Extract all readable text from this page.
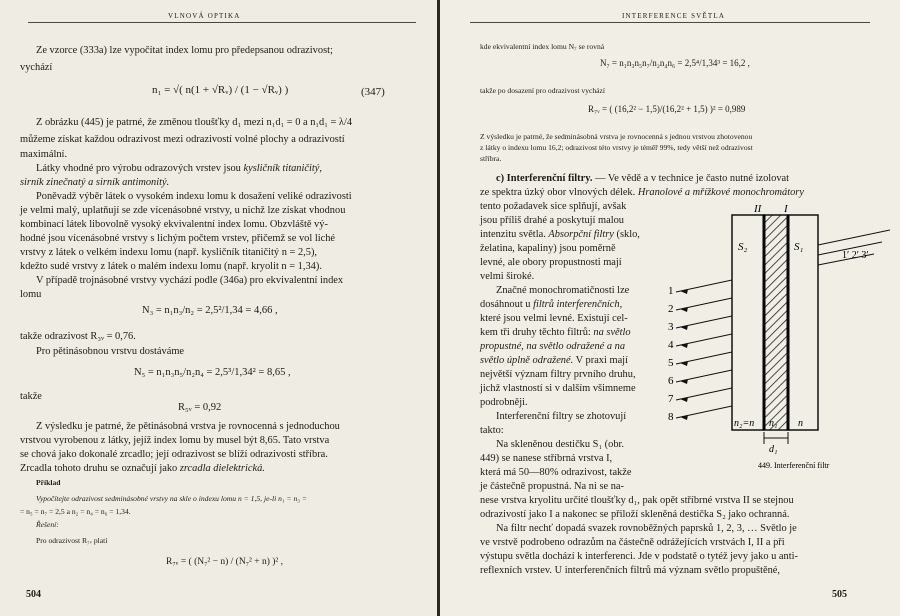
VLNOVÁ OPTIKA
Ze vzorce (333a) lze vypočítat index lomu pro předepsanou odrazivost;
vychází
n₁ = √( n(1 + √Rᵥ) / (1 − √Rᵥ) )	(347)
Z obrázku (445) je patrné, že změnou tloušťky d₁ mezi n₁d₁ = 0 a n₁d₁ = λ/4
můžeme získat každou odrazivost mezi odrazivostí volné plochy a odrazivostí
maximální.
Látky vhodné pro výrobu odrazových vrstev jsou kysličník titaničitý,
sirník zinečnatý a sirník antimonitý.
Poněvadž výběr látek o vysokém indexu lomu k dosažení veliké odrazivosti
je velmi malý, uplatňují se zde vícenásobné vrstvy, u nichž lze získat vhodnou
kombinací látek libovolně vysoký ekvivalentní index lomu. Obzvláště vý-
hodné jsou vícenásobné vrstvy s lichým počtem vrstev, přičemž se vol liché
vrstvy z látek o velkém indexu lomu (např. kysličník titaničitý n = 2,5),
kdežto sudé vrstvy z látek o malém indexu lomu (např. kryolit n = 1,34).
V případě trojnásobné vrstvy vychází podle (346a) pro ekvivalentní index
lomu
N₃ = n₁n₃/n₂ = 2,5²/1,34 = 4,66 ,
takže odrazivost R₃ᵥ = 0,76.
Pro pětinásobnou vrstvu dostáváme
N₅ = n₁n₃n₅/n₂n₄ = 2,5³/1,34² = 8,65 ,
takže
R₅ᵥ = 0,92
Z výsledku je patrné, že pětinásobná vrstva je rovnocenná s jednoduchou
vrstvou vyrobenou z látky, jejíž index lomu by musel být 8,65. Tato vrstva
se chová jako dokonalé zrcadlo; její odrazivost se blíží odrazivosti stříbra.
Zrcadla tohoto druhu se označují jako zrcadla dielektrická.
Příklad
Vypočítejte odrazivost sedminásobné vrstvy na skle o indexu lomu n = 1,5, je-li n₁ = n₃ =
= n₅ = n₇ = 2,5 a n₂ = n₄ = n₆ = 1,34.
Řešení:
Pro odrazivost R₇ᵥ platí
R₇ᵥ = ( (N₇² − n) / (N₇² + n) )² ,
504
INTERFERENCE SVĚTLA
kde ekvivalentní index lomu N₇ se rovná
N₇ = n₁n₃n₅n₇/n₂n₄n₆ = 2,5⁴/1,34³ = 16,2 ,
takže po dosazení pro odrazivost vychází
R₇ᵥ = ( (16,2² − 1,5)/(16,2² + 1,5) )² = 0,989
Z výsledku je patrné, že sedminásobná vrstva je rovnocenná s jednou vrstvou zhotovenou
z látky o indexu lomu 16,2; odrazivost této vrstvy je téměř 99%, tedy větší než odrazivost
stříbra.
c) Interferenční filtry. — Ve vědě a v technice je často nutné izolovat
ze spektra úzký obor vlnových délek. Hranolové a mřížkové monochromátory
tento požadavek sice splňují, avšak
jsou příliš drahé a poskytují malou
intenzitu světla. Absorpční filtry (sklo,
želatina, kapaliny) jsou poměrně
levné, ale obory propustnosti mají
velmi široké.
Značné monochromatičnosti lze
dosáhnout u filtrů interferenčních,
které jsou velmi levné. Existují cel-
kem tři druhy těchto filtrů: na světlo
propustné, na světlo odražené a na
světlo úplně odražené. V praxi mají
největší význam filtry prvního druhu,
jichž vlastností si v dalším všimneme
podrobněji.
Interferenční filtry se zhotovují
takto:
Na skleněnou destičku S₁ (obr.
449) se nanese stříbrná vrstva I,
která má 50—80% odrazivost, takže
je částečně propustná. Na ni se na-
nese vrstva kryolitu určité tloušťky d₁, pak opět stříbrné vrstva II se stejnou
odrazivostí jako I a nakonec se přiloží skleněná destička S₂ jako ochranná.
Na filtr nechť dopadá svazek rovnoběžných paprsků 1, 2, 3, … Světlo je
ve vrstvě podrobeno odrazům na částečně odrážejících vrstvách I, II a při
výstupu světla dochází k interferenci. Jde v podstatě o tytéž jevy jako u anti-
reflexních vrstev. U interferenčních filtrů má význam světlo propuštěné,
II I
S₂	S₁
1′ 2′ 3′
1
2
3
4
5
6
7
8
n₂=n n₁ n
d₁
449. Interferenční filtr
505
